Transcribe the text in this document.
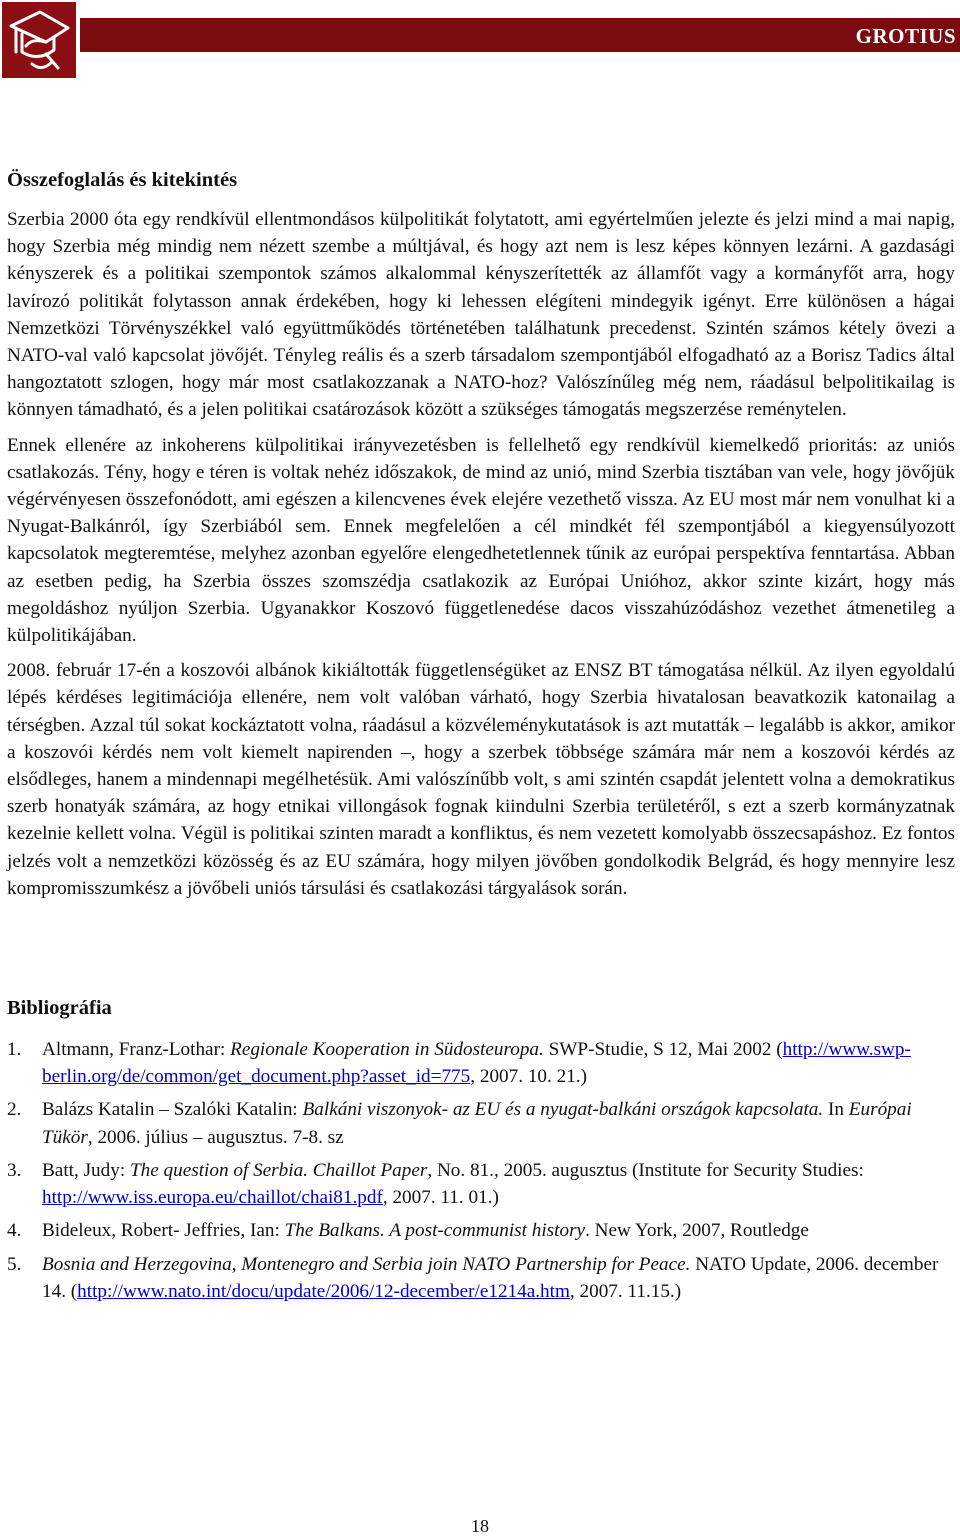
GROTIUS
Összefoglalás és kitekintés

Szerbia 2000 óta egy rendkívül ellentmondásos külpolitikát folytatott, ami egyértelműen jelezte és jelzi mind a mai napig, hogy Szerbia még mindig nem nézett szembe a múltjával, és hogy azt nem is lesz képes könnyen lezárni. A gazdasági kényszerek és a politikai szempontok számos alkalommal kényszerítették az államfőt vagy a kormányfőt arra, hogy lavírozó politikát folytasson annak érdekében, hogy ki lehessen elégíteni mindegyik igényt. Erre különösen a hágai Nemzetközi Törvényszékkel való együttműködés történetében találhatunk precedenst. Szintén számos kétely övezi a NATO-val való kapcsolat jövőjét. Tényleg reális és a szerb társadalom szempontjából elfogadható az a Borisz Tadics által hangoztatott szlogen, hogy már most csatlakozzanak a NATO-hoz? Valószínűleg még nem, ráadásul belpolitikailag is könnyen támadható, és a jelen politikai csatározások között a szükséges támogatás megszerzése reménytelen.

Ennek ellenére az inkoherens külpolitikai irányvezetésben is fellelhető egy rendkívül kiemelkedő prioritás: az uniós csatlakozás. Tény, hogy e téren is voltak nehéz időszakok, de mind az unió, mind Szerbia tisztában van vele, hogy jövőjük végérvényesen összefonódott, ami egészen a kilencvenes évek elejére vezethető vissza. Az EU most már nem vonulhat ki a Nyugat-Balkánról, így Szerbiából sem. Ennek megfelelően a cél mindkét fél szempontjából a kiegyensúlyozott kapcsolatok megteremtése, melyhez azonban egyelőre elengedhetetlennek tűnik az európai perspektíva fenntartása. Abban az esetben pedig, ha Szerbia összes szomszédja csatlakozik az Európai Unióhoz, akkor szinte kizárt, hogy más megoldáshoz nyúljon Szerbia. Ugyanakkor Koszovó függetlenedése dacos visszahúzódáshoz vezethet átmenetileg a külpolitikájában.

2008. február 17-én a koszovói albánok kikiáltották függetlenségüket az ENSZ BT támogatása nélkül. Az ilyen egyoldalú lépés kérdéses legitimációja ellenére, nem volt valóban várható, hogy Szerbia hivatalosan beavatkozik katonailag a térségben. Azzal túl sokat kockáztatott volna, ráadásul a közvéleménykutatások is azt mutatták – legalább is akkor, amikor a koszovói kérdés nem volt kiemelt napirenden –, hogy a szerbek többsége számára már nem a koszovói kérdés az elsődleges, hanem a mindennapi megélhetésük. Ami valószínűbb volt, s ami szintén csapdát jelentett volna a demokratikus szerb honatyák számára, az hogy etnikai villongások fognak kiindulni Szerbia területéről, s ezt a szerb kormányzatnak kezelnie kellett volna. Végül is politikai szinten maradt a konfliktus, és nem vezetett komolyabb összecsapáshoz. Ez fontos jelzés volt a nemzetközi közösség és az EU számára, hogy milyen jövőben gondolkodik Belgrád, és hogy mennyire lesz kompromisszumkész a jövőbeli uniós társulási és csatlakozási tárgyalások során.

Bibliográfia
1. Altmann, Franz-Lothar: Regionale Kooperation in Südosteuropa. SWP-Studie, S 12, Mai 2002 (http://www.swp-berlin.org/de/common/get_document.php?asset_id=775, 2007. 10. 21.)
2. Balázs Katalin – Szalóki Katalin: Balkáni viszonyok- az EU és a nyugat-balkáni országok kapcsolata. In Európai Tükör, 2006. július – augusztus. 7-8. sz
3. Batt, Judy: The question of Serbia. Chaillot Paper, No. 81., 2005. augusztus (Institute for Security Studies: http://www.iss.europa.eu/chaillot/chai81.pdf, 2007. 11. 01.)
4. Bideleux, Robert- Jeffries, Ian: The Balkans. A post-communist history. New York, 2007, Routledge
5. Bosnia and Herzegovina, Montenegro and Serbia join NATO Partnership for Peace. NATO Update, 2006. december 14. (http://www.nato.int/docu/update/2006/12-december/e1214a.htm, 2007. 11.15.)
18
